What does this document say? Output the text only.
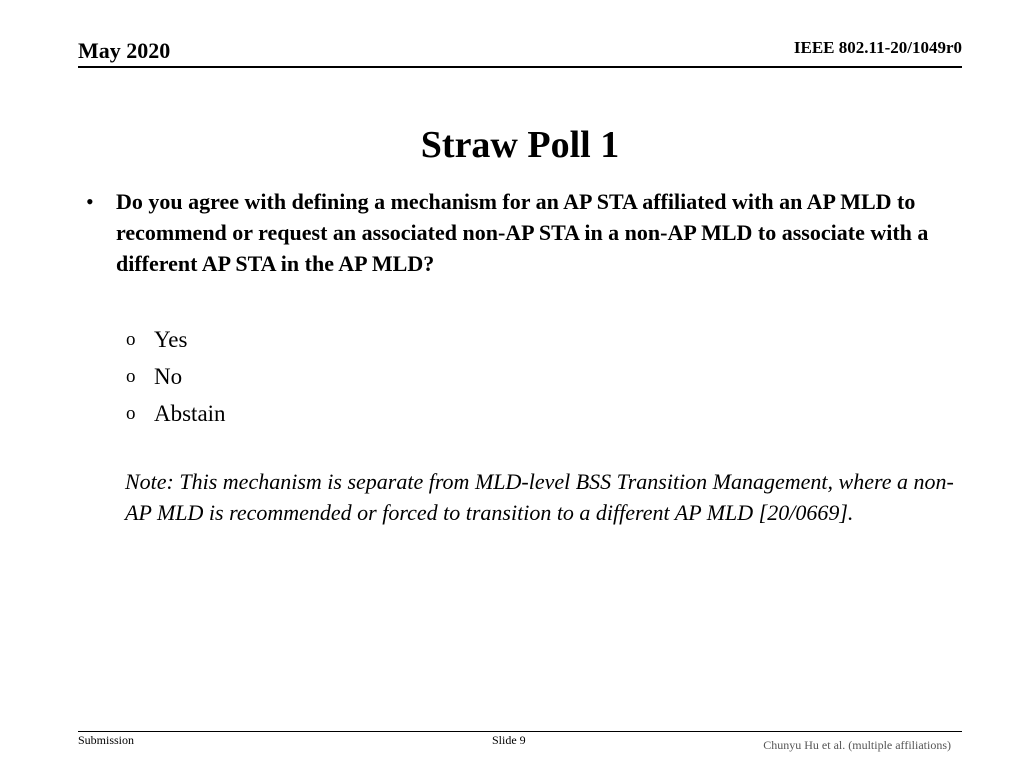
May 2020	IEEE 802.11-20/1049r0
Straw Poll 1
•	Do you agree with defining a mechanism for an AP STA affiliated with an AP MLD to recommend or request an associated non-AP STA in a non-AP MLD to associate with a different AP STA in the AP MLD?
o Yes
o No
o Abstain
Note: This mechanism is separate from MLD-level BSS Transition Management, where a non-AP MLD is recommended or forced to transition to a different AP MLD [20/0669].
Submission	Slide 9	Chunyu Hu et al. (multiple affiliations)
